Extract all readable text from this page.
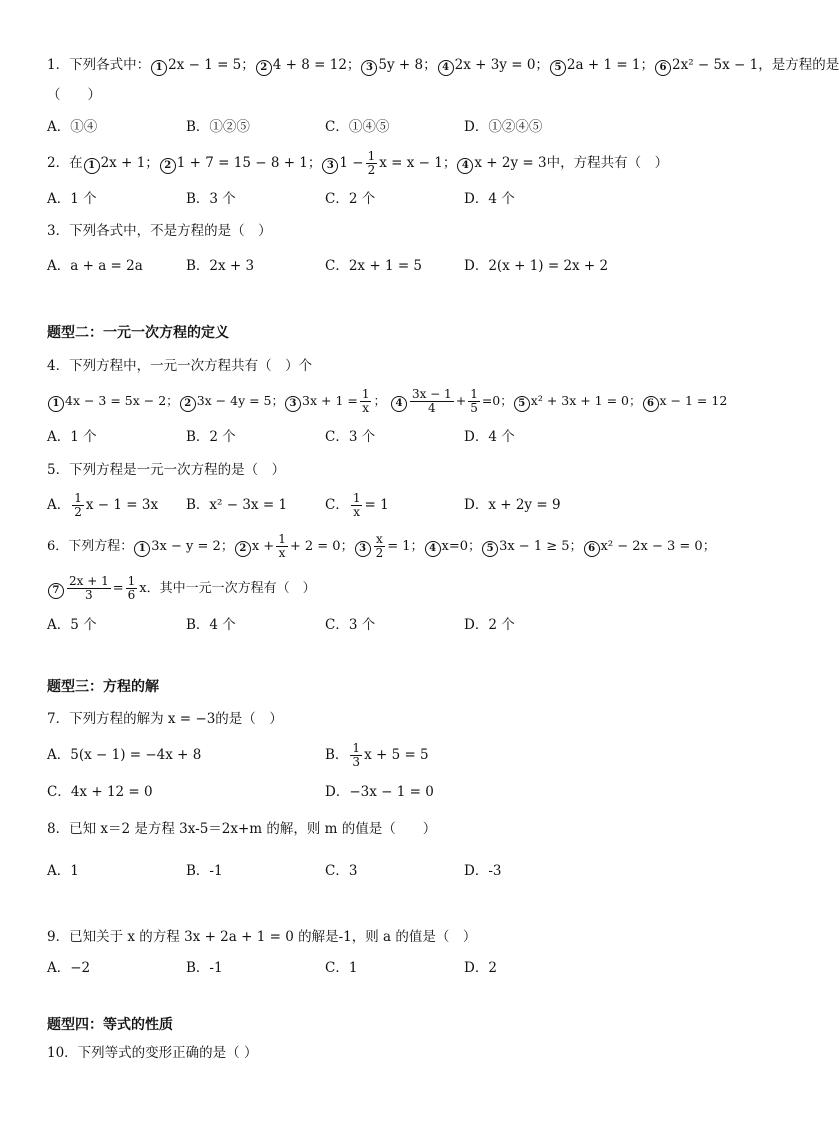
1．下列各式中： 1 2x − 1 = 5； 2 4 + 8 = 12； 3 5y + 8； 4 2x + 3y = 0； 5 2a + 1 = 1； 6 2x² − 5x − 1，是方程的是
（　　）
A．①④	B．①②⑤	C．①④⑤	D．①②④⑤
2．在 1 2x + 1； 2 1 + 7 = 15 − 8 + 1； 3 $1 - \frac{1}{2}$ x = x − 1； 4 x + 2y = 3中，方程共有（　）
A．1 个	B．3 个	C．2 个	D．4 个
3．下列各式中，不是方程的是（　）
A．a + a = 2a	B．2x + 3	C．2x + 1 = 5	D．2(x + 1) = 2x + 2
题型二：一元一次方程的定义
4．下列方程中，一元一次方程共有（　）个
1 4x − 3 = 5x − 2； 2 3x − 4y = 5； 3 $3x + 1 = \frac{1}{x}$ ； $4 \frac{3x - 1}{4} + \frac{1}{5} =0$； 5 x² + 3x + 1 = 0； 6 x − 1 = 12
A．1 个	B．2 个	C．3 个	D．4 个
5．下列方程是一元一次方程的是（　）
A． $\frac{1}{2}$ x − 1 = 3x B．x² − 3x = 1	C． $\frac{1}{x} = 1$	D．x + 2y = 9
6．下列方程： 1 3x − y = 2； 2 $x + \frac{1}{x} + 2 = 0$； $3 \frac{x}{2} = 1$； 4 x=0； 5 3x − 1 ≥ 5； 6 x² − 2x − 3 = 0；
$7 \frac{2x + 1}{3} = \frac{1}{6}$ x．其中一元一次方程有（　）
A．5 个	B．4 个	C．3 个	D．2 个
题型三：方程的解
7．下列方程的解为 x = −3的是（　）
A．5(x − 1) = −4x + 8	B． $\frac{1}{3}$ x + 5 = 5
C．4x + 12 = 0	D．−3x − 1 = 0
8．已知 x＝2 是方程 3x-5＝2x+m 的解，则 m 的值是（　　）
A．1	B．-1	C．3	D．-3
9．已知关于 x 的方程 3x + 2a + 1 = 0 的解是-1，则 a 的值是（　）
A．−2	B．-1	C．1	D．2
题型四：等式的性质
10．下列等式的变形正确的是（ ）
